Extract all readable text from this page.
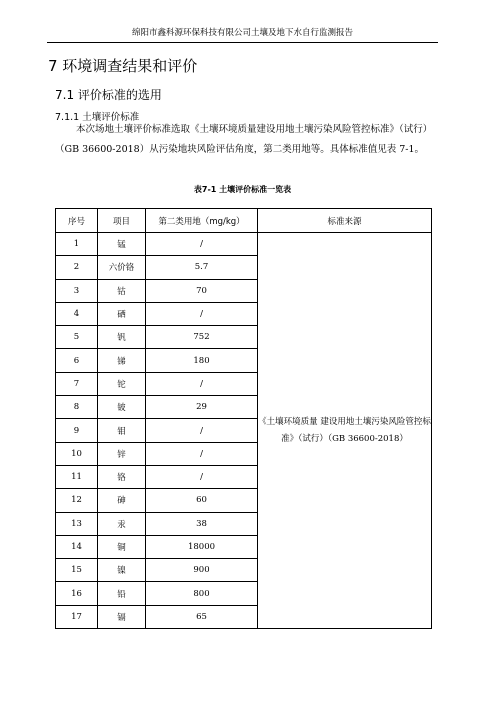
绵阳市鑫科源环保科技有限公司土壤及地下水自行监测报告
7 环境调查结果和评价
7.1 评价标准的选用
7.1.1 土壤评价标准

本次场地土壤评价标准选取《土壤环境质量建设用地土壤污染风险管控标准》（试行）（GB 36600-2018）从污染地块风险评估角度，第二类用地等。具体标准值见表 7-1。

表7-1 土壤评价标准一览表
序号	项目	第二类用地（mg/kg）	标准来源
1	锰	/	《土壤环境质量 建设用地土壤污染风险管控标准》（试行）（GB 36600-2018）
2	六价铬	5.7	
3	钴	70	
4	硒	/	
5	钒	752	
6	锑	180	
7	铊	/	
8	铍	29	
9	钼	/	
10	锌	/	
11	铬	/	
12	砷	60	
13	汞	38	
14	铜	18000	
15	镍	900	
16	铅	800	
17	镉	65	
